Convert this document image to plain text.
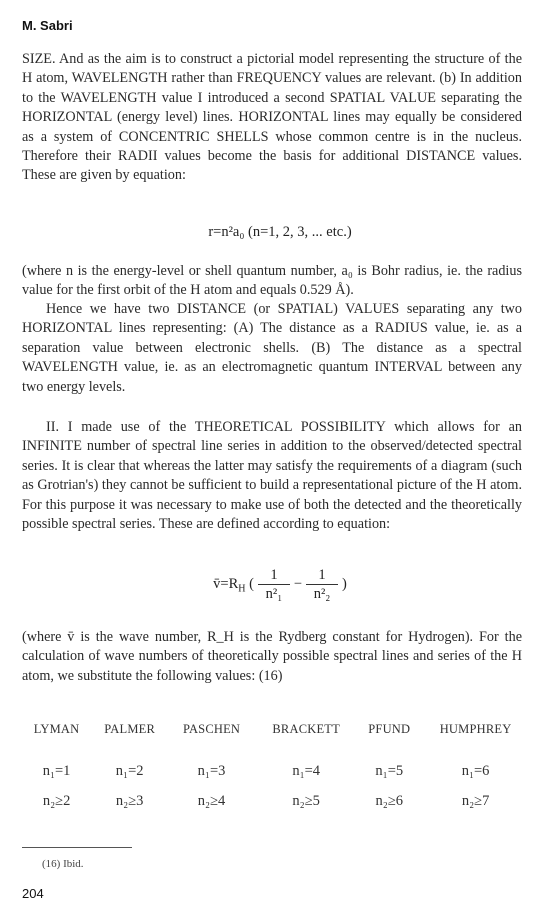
M. Sabri

SIZE. And as the aim is to construct a pictorial model representing the structure of the H atom, WAVELENGTH rather than FREQUENCY values are relevant. (b) In addition to the WAVELENGTH value I introduced a second SPATIAL VALUE separating the HORIZONTAL (energy level) lines. HORIZONTAL lines may equally be considered as a system of CONCENTRIC SHELLS whose common centre is in the nucleus. Therefore their RADII values become the basis for additional DISTANCE values. These are given by equation:

r=n²a₀ (n=1, 2, 3, ... etc.)

(where n is the energy-level or shell quantum number, a₀ is Bohr radius, ie. the radius value for the first orbit of the H atom and equals 0.529 Å).

Hence we have two DISTANCE (or SPATIAL) VALUES separating any two HORIZONTAL lines representing: (A) The distance as a RADIUS value, ie. as a separation value between electronic shells. (B) The distance as a spectral WAVELENGTH value, ie. as an electromagnetic quantum INTERVAL between any two energy levels.

II. I made use of the THEORETICAL POSSIBILITY which allows for an INFINITE number of spectral line series in addition to the observed/detected spectral series. It is clear that whereas the latter may satisfy the requirements of a diagram (such as Grotrian's) they cannot be sufficient to build a representational picture of the H atom. For this purpose it was necessary to make use of both the detected and the theoretically possible spectral series. These are defined according to equation:

$v̄=R_H$ ( $\frac{1}{\text{n²₁}} - \frac{1}{\text{n²₂}}$ )

(where v̄ is the wave number, R_H is the Rydberg constant for Hydrogen). For the calculation of wave numbers of theoretically possible spectral lines and series of the H atom, we substitute the following values: (16)

LYMAN	PALMER	PASCHEN	BRACKETT	PFUND	HUMPHREY
n₁=1	n₁=2	n₁=3	n₁=4	n₁=5	n₁=6
n₂≥2	n₂≥3	n₂≥4	n₂≥5	n₂≥6	n₂≥7
(16) Ibid.
204
